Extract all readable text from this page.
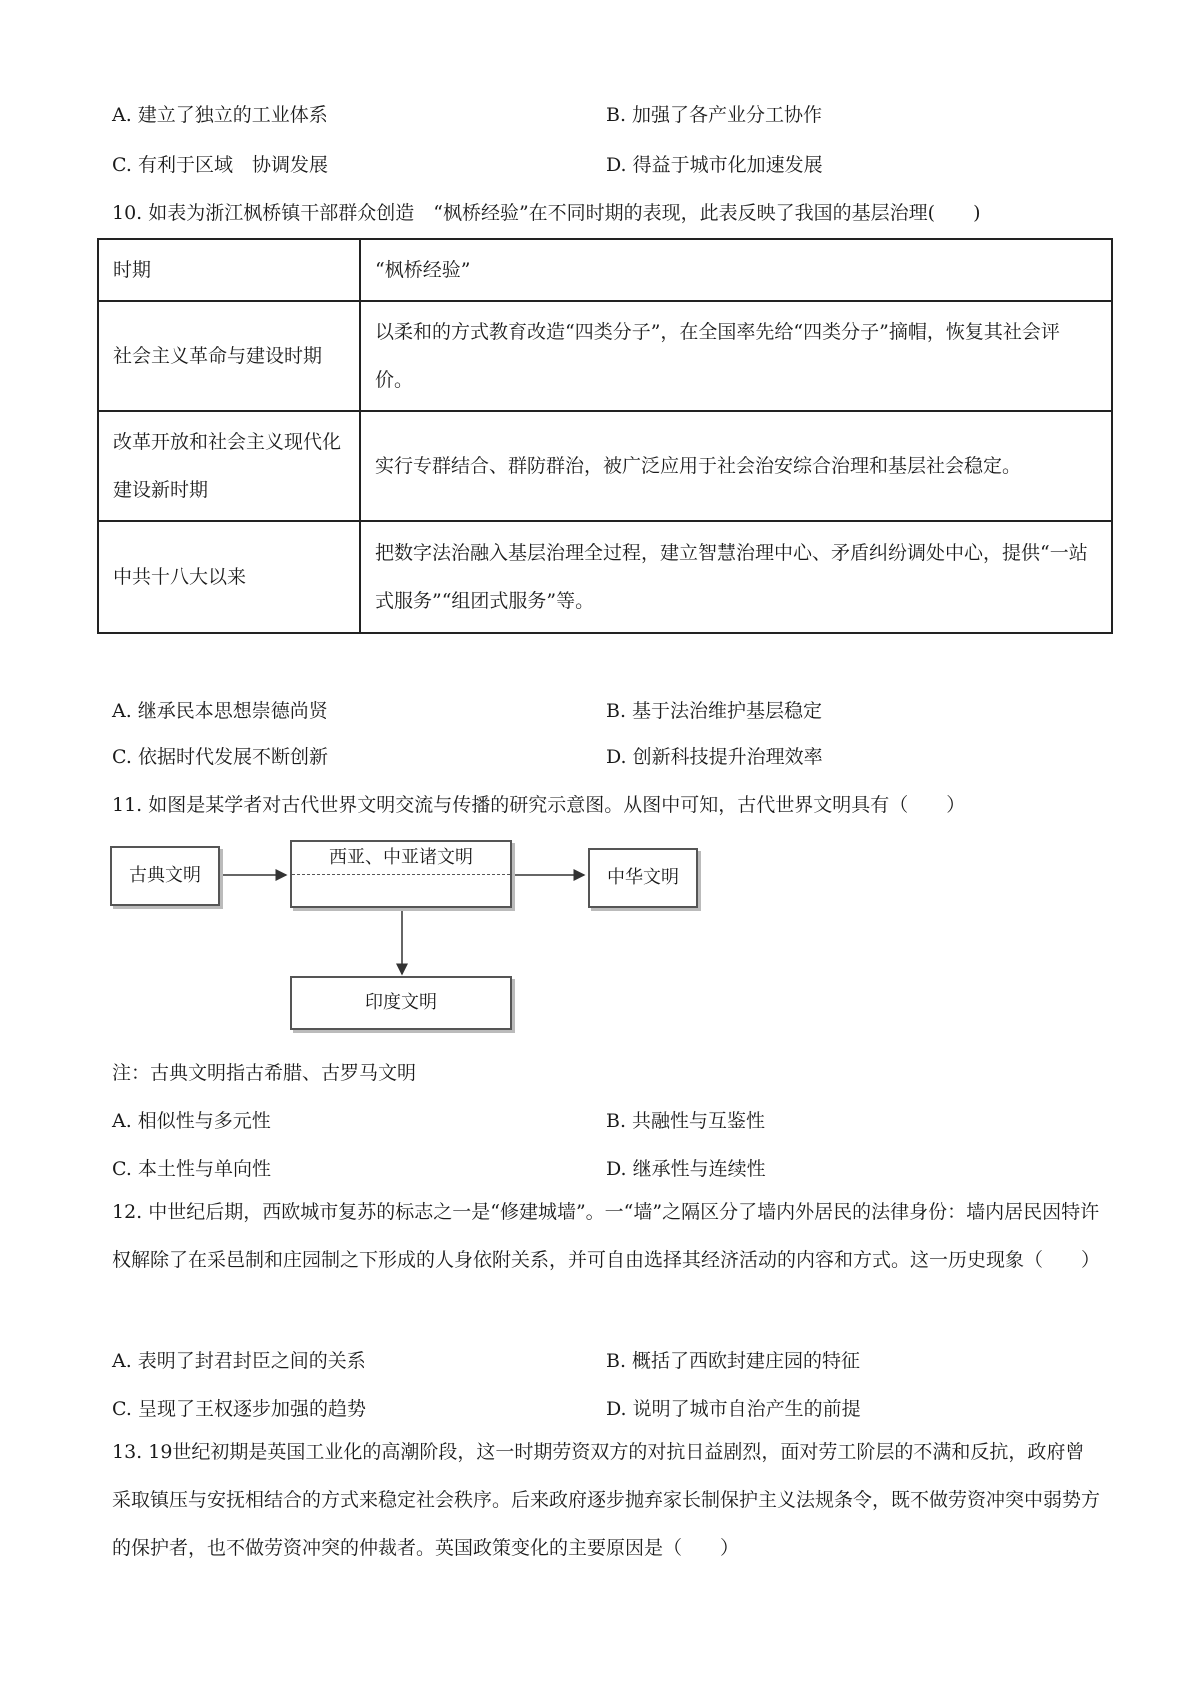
A. 建立了独立的工业体系	B. 加强了各产业分工协作
C. 有利于区域　协调发展	D. 得益于城市化加速发展
10. 如表为浙江枫桥镇干部群众创造　“枫桥经验”在不同时期的表现，此表反映了我国的基层治理(　　)
时期	“枫桥经验”
社会主义革命与建设时期	以柔和的方式教育改造“四类分子”，在全国率先给“四类分子”摘帽，恢复其社会评价。
改革开放和社会主义现代化建设新时期	实行专群结合、群防群治，被广泛应用于社会治安综合治理和基层社会稳定。
中共十八大以来	把数字法治融入基层治理全过程，建立智慧治理中心、矛盾纠纷调处中心，提供“一站式服务”“组团式服务”等。
A. 继承民本思想崇德尚贤	B. 基于法治维护基层稳定
C. 依据时代发展不断创新	D. 创新科技提升治理效率
11. 如图是某学者对古代世界文明交流与传播的研究示意图。从图中可知，古代世界文明具有（　　）
古典文明
西亚、中亚诸文明
中华文明
印度文明
注：古典文明指古希腊、古罗马文明
A. 相似性与多元性	B. 共融性与互鉴性
C. 本土性与单向性	D. 继承性与连续性
12. 中世纪后期，西欧城市复苏的标志之一是“修建城墙”。一“墙”之隔区分了墙内外居民的法律身份：墙内居民因特许权解除了在采邑制和庄园制之下形成的人身依附关系，并可自由选择其经济活动的内容和方式。这一历史现象（　　）
A. 表明了封君封臣之间的关系	B. 概括了西欧封建庄园的特征
C. 呈现了王权逐步加强的趋势	D. 说明了城市自治产生的前提
13. 19世纪初期是英国工业化的高潮阶段，这一时期劳资双方的对抗日益剧烈，面对劳工阶层的不满和反抗，政府曾采取镇压与安抚相结合的方式来稳定社会秩序。后来政府逐步抛弃家长制保护主义法规条令，既不做劳资冲突中弱势方的保护者，也不做劳资冲突的仲裁者。英国政策变化的主要原因是（　　）
